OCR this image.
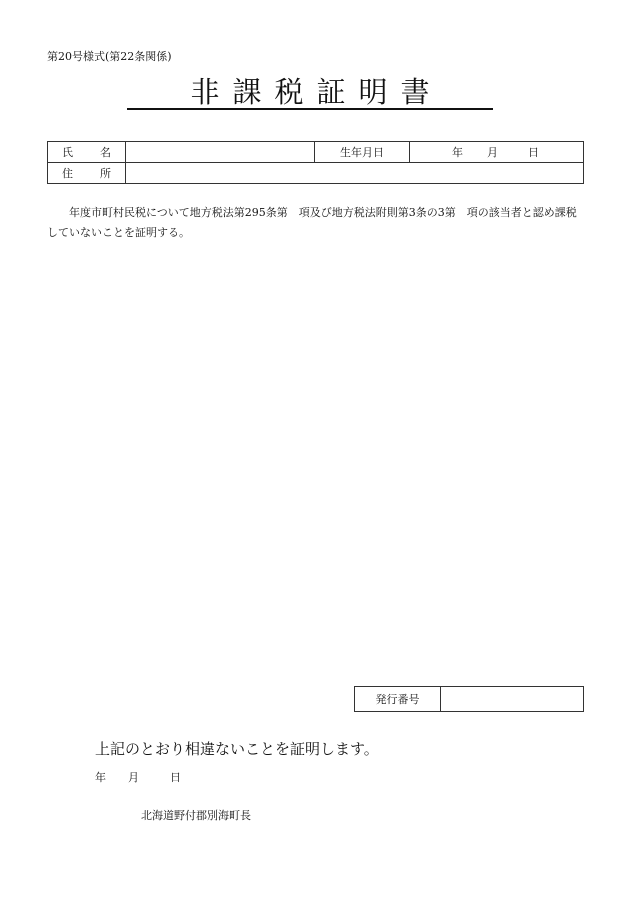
第20号様式(第22条関係)
非課税証明書
氏　名		生年月日	年 月 日
住　所			
年度市町村民税について地方税法第295条第　項及び地方税法附則第3条の3第　項の該当者と認め課税していないことを証明する。
発行番号	
上記のとおり相違ないことを証明します。
年 月	日
北海道野付郡別海町長
